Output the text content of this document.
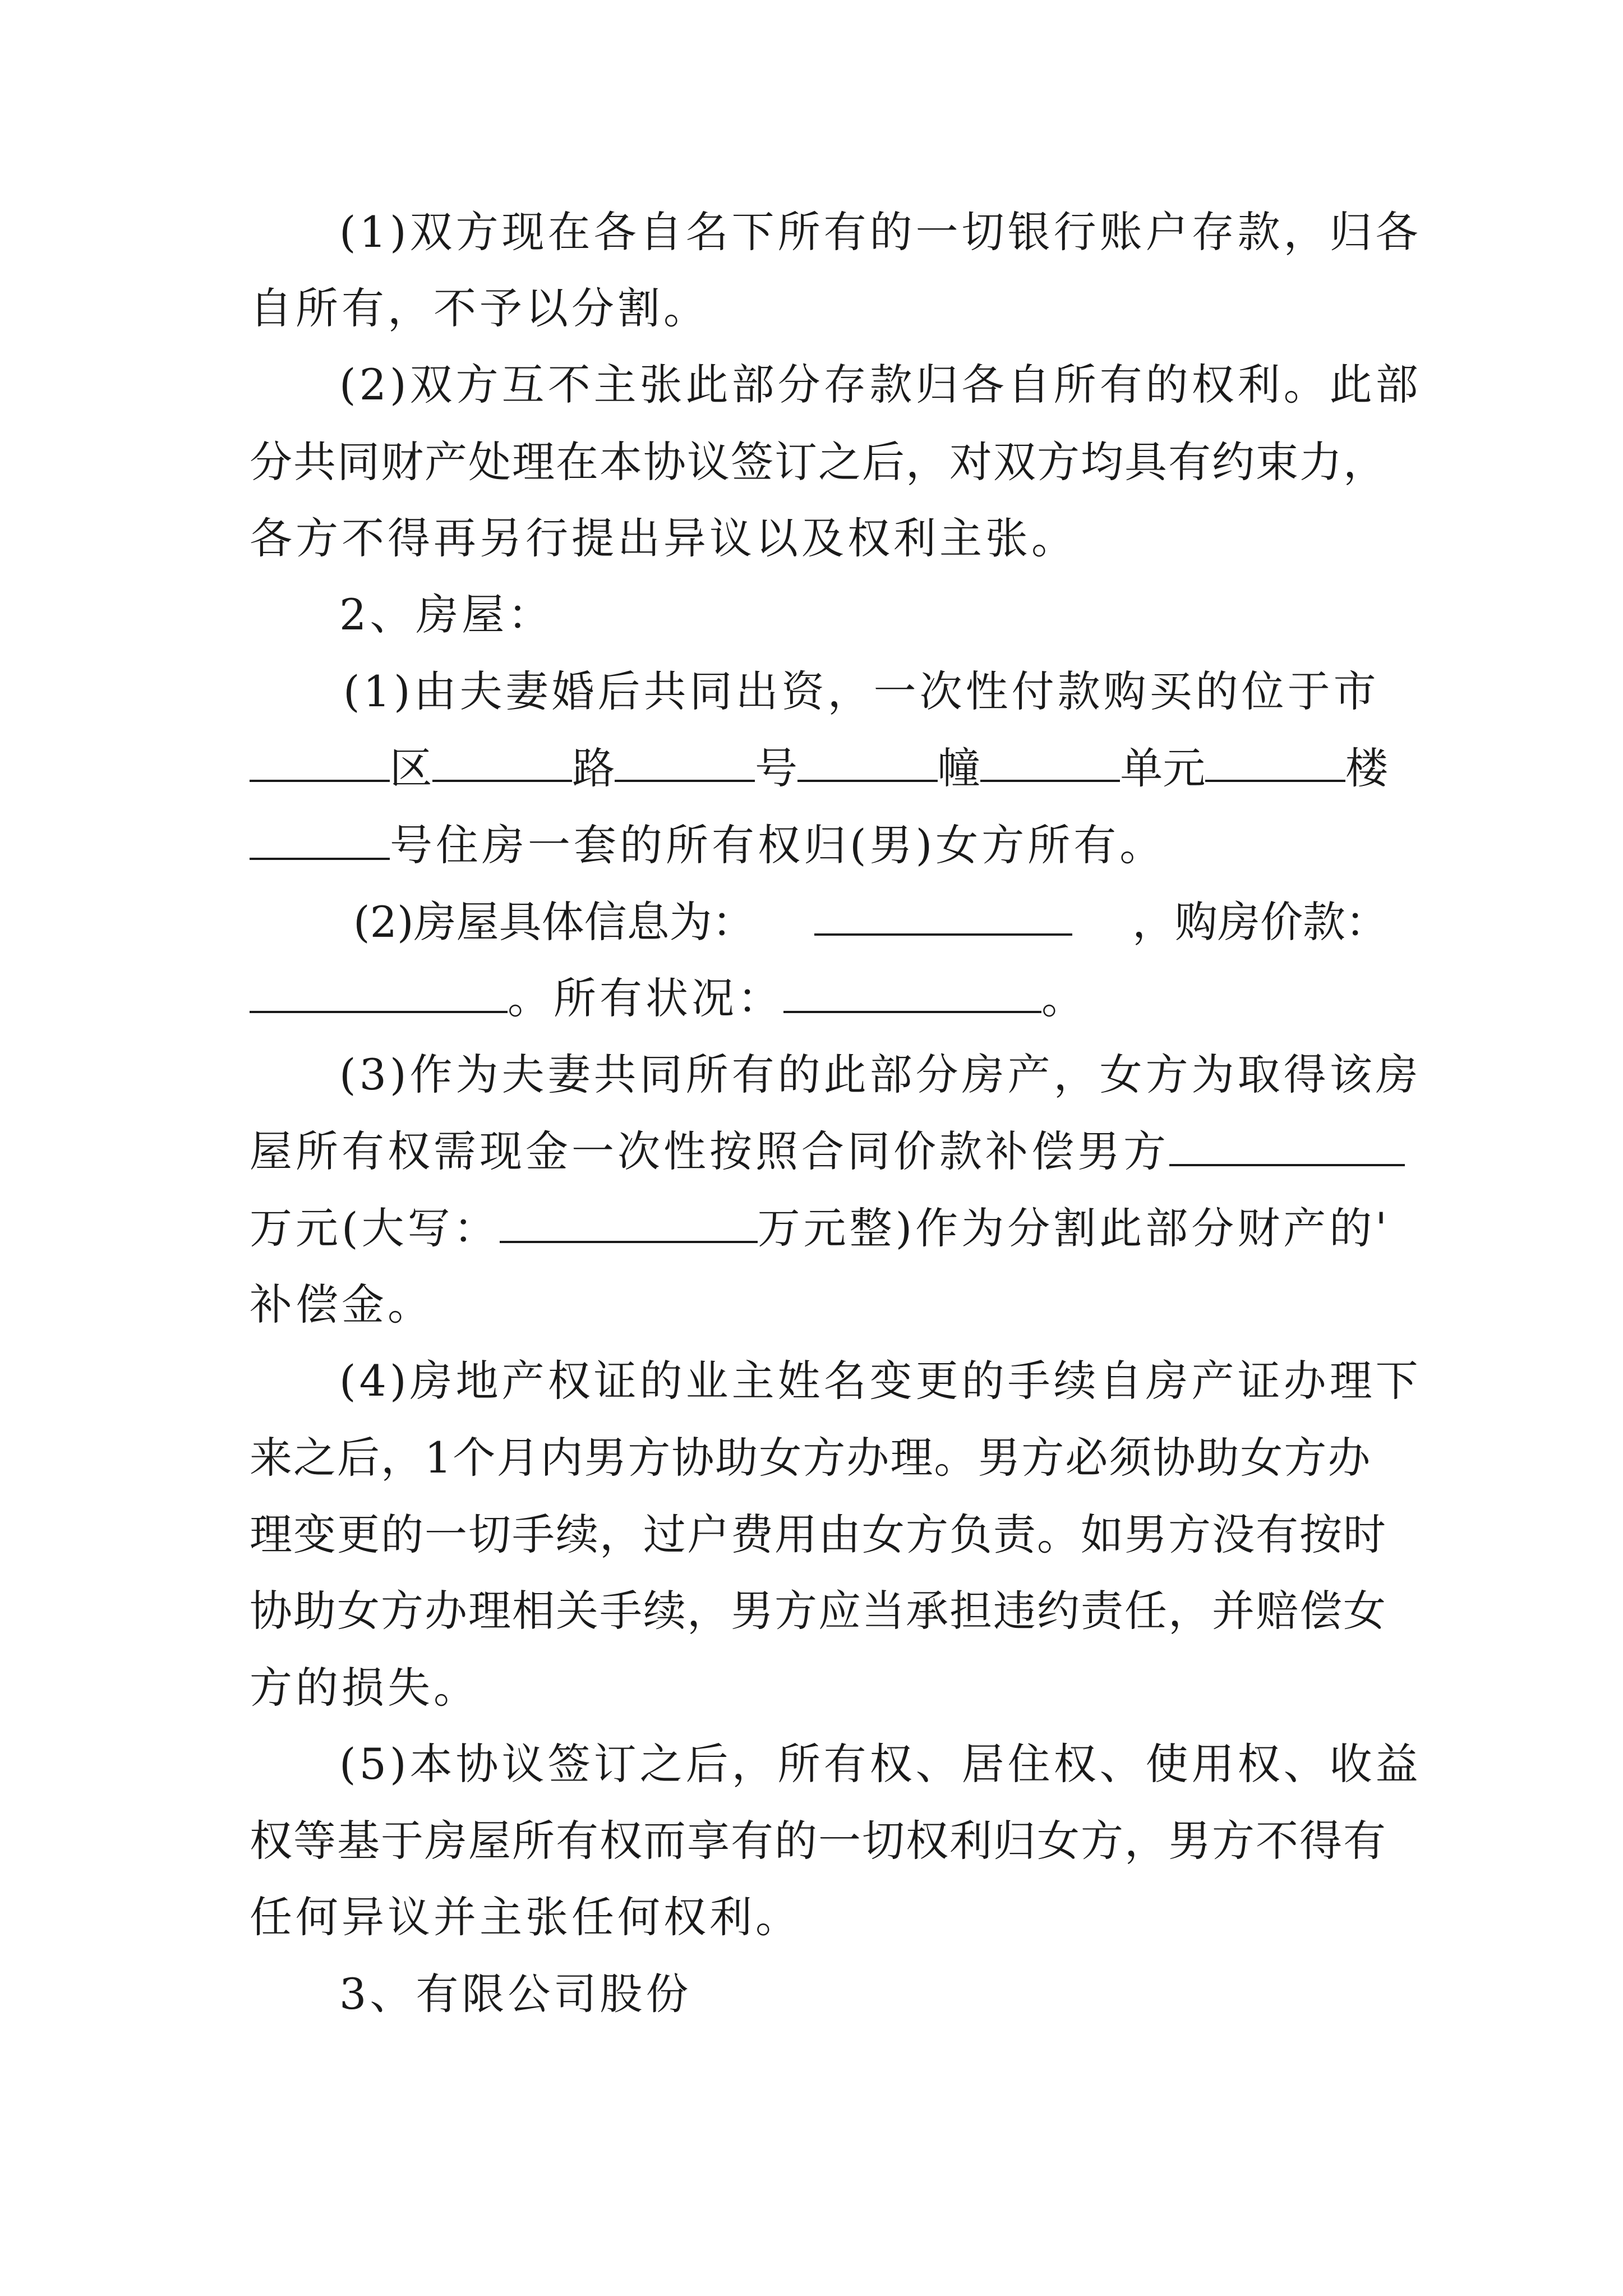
(1)双方现在各自名下所有的一切银行账户存款，归各
自所有，不予以分割。
(2)双方互不主张此部分存款归各自所有的权利。此部
分共同财产处理在本协议签订之后，对双方均具有约束力，
各方不得再另行提出异议以及权利主张。
2、房屋：
(1)由夫妻婚后共同出资，一次性付款购买的位于市
区	路	号	幢	单元	楼
号住房一套的所有权归(男)女方所有。
(2)房屋具体信息为：	，购房价款：
。所有状况：	。
(3)作为夫妻共同所有的此部分房产，女方为取得该房
屋所有权需现金一次性按照合同价款补偿男方
万元(大写：	万元整)作为分割此部分财产的'
补偿金。
(4)房地产权证的业主姓名变更的手续自房产证办理下
来之后，1个月内男方协助女方办理。男方必须协助女方办
理变更的一切手续，过户费用由女方负责。如男方没有按时
协助女方办理相关手续，男方应当承担违约责任，并赔偿女
方的损失。
(5)本协议签订之后，所有权、居住权、使用权、收益
权等基于房屋所有权而享有的一切权利归女方，男方不得有
任何异议并主张任何权利。
3、有限公司股份
